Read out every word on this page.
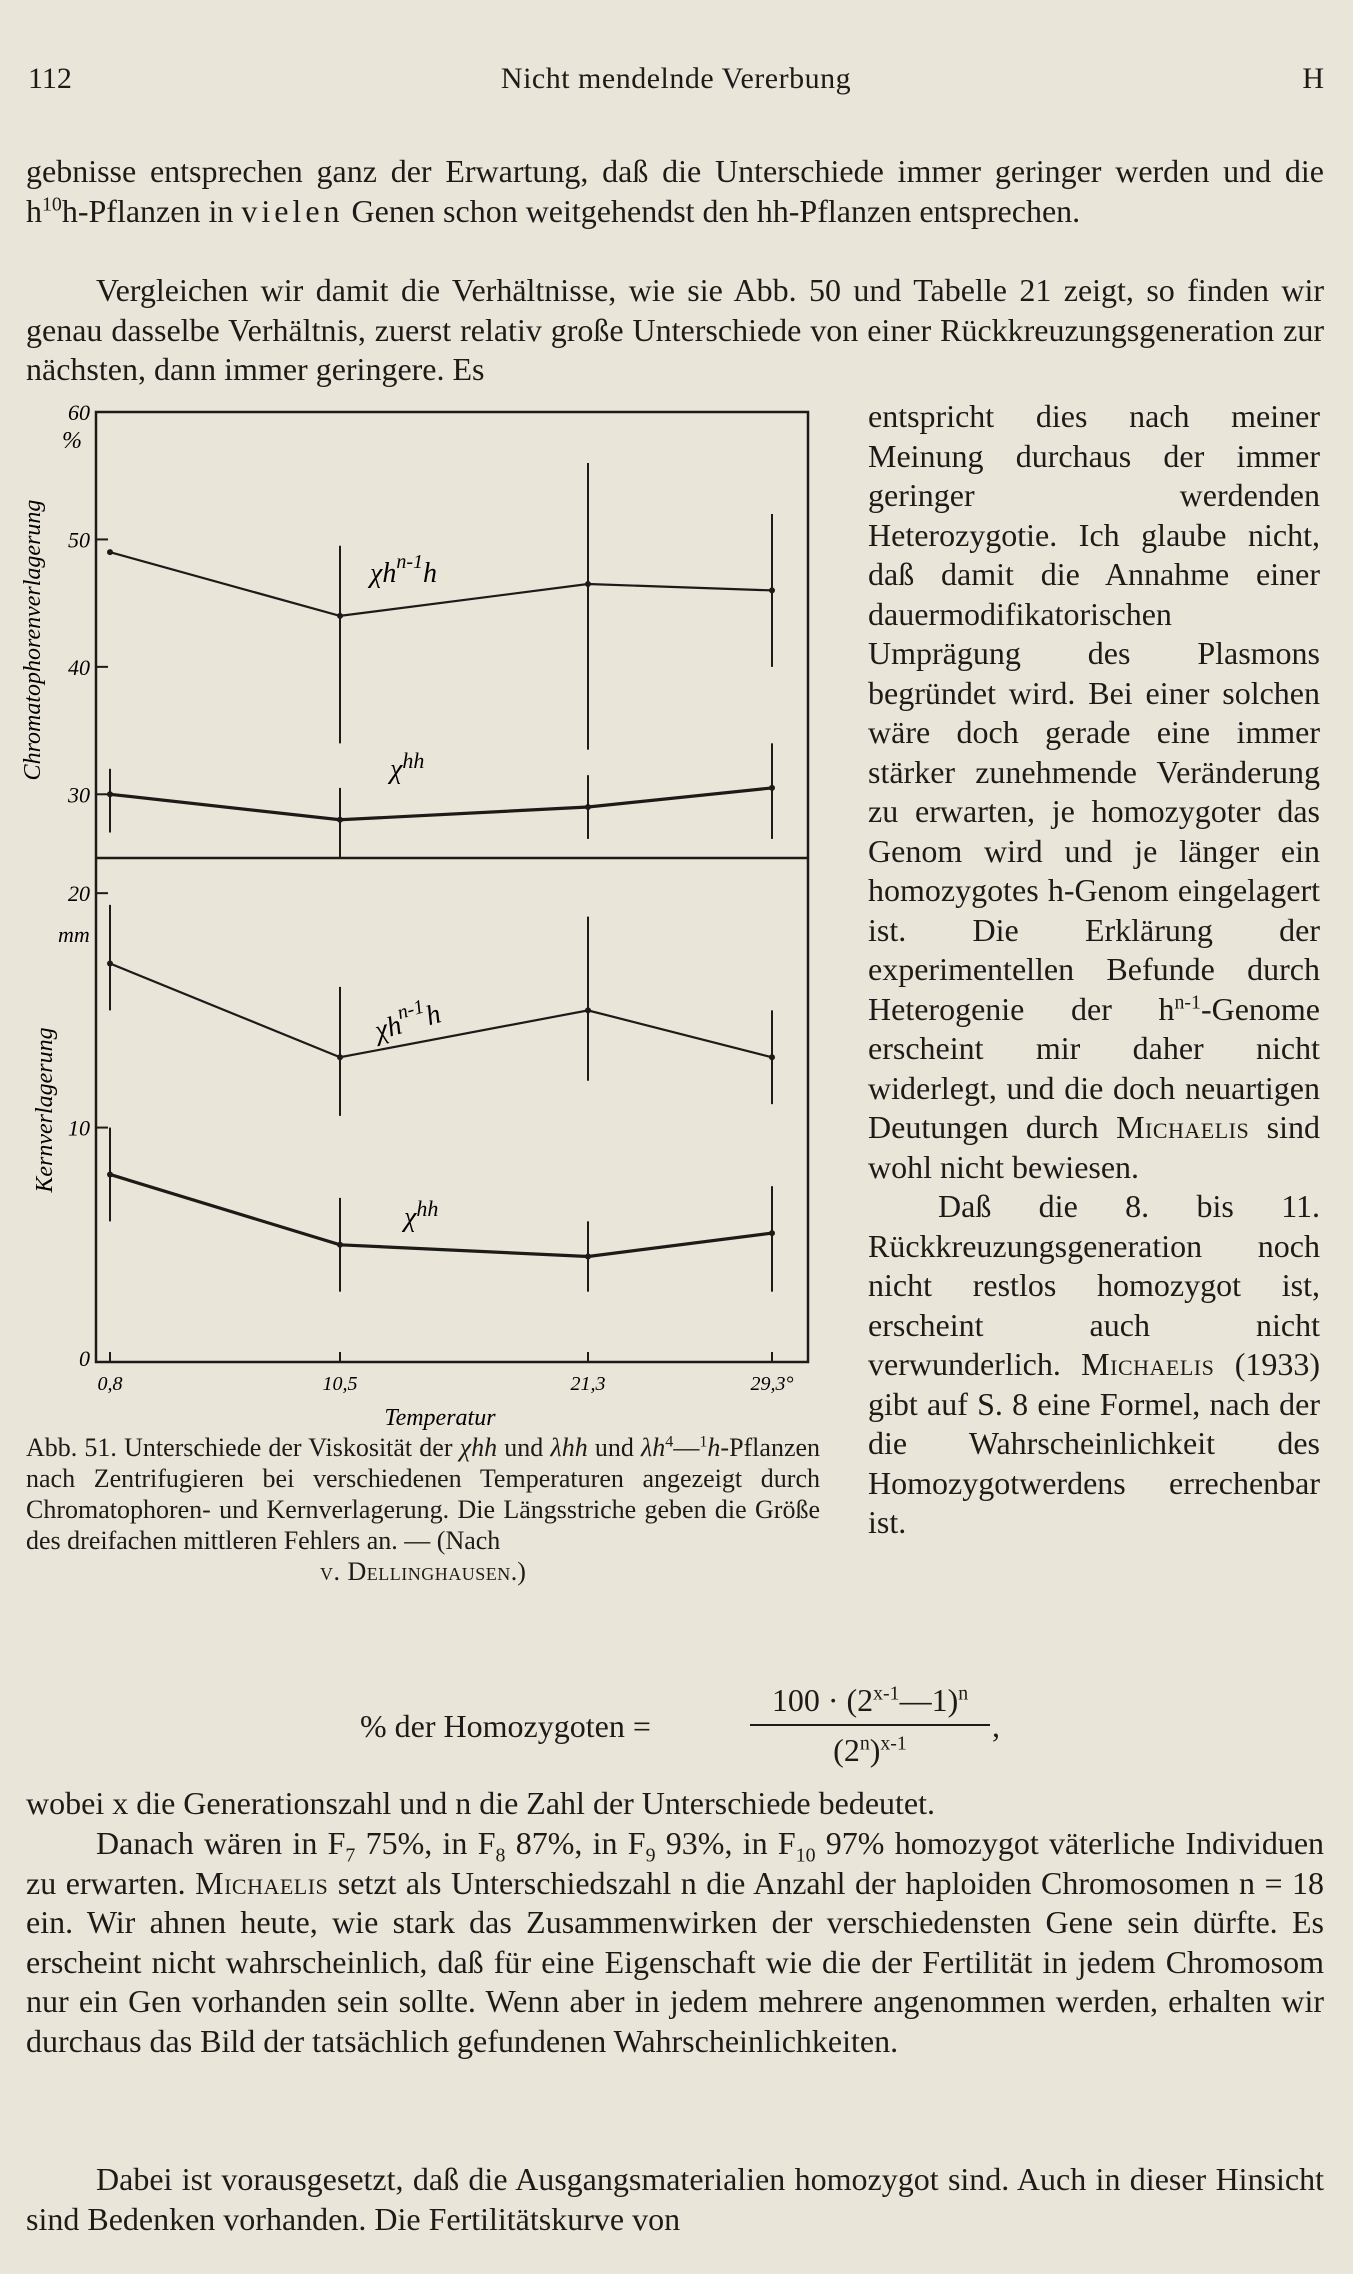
112	Nicht mendelnde Vererbung	H
gebnisse entsprechen ganz der Erwartung, daß die Unterschiede immer geringer werden und die $h^{10}h$-Pflanzen in vielen Genen schon weitgehendst den hh-Pflanzen entsprechen.
Vergleichen wir damit die Verhältnisse, wie sie Abb. 50 und Tabelle 21 zeigt, so finden wir genau dasselbe Verhältnis, zuerst relativ große Unterschiede von einer Rückkreuzungsgeneration zur nächsten, dann immer geringere. Es
entspricht dies nach meiner Meinung durchaus der immer geringer werdenden Heterozygotie. Ich glaube nicht, daß damit die Annahme einer dauermodifikatorischen Umprägung des Plasmons begründet wird. Bei einer solchen wäre doch gerade eine immer stärker zunehmende Veränderung zu erwarten, je homozygoter das Genom wird und je länger ein homozygotes h-Genom eingelagert ist. Die Erklärung der experimentellen Befunde durch Heterogenie der $h^{n-1}$-Genome erscheint mir daher nicht widerlegt, und die doch neuartigen Deutungen durch Michaelis sind wohl nicht bewiesen.
Daß die 8. bis 11. Rückkreuzungsgeneration noch nicht restlos homozygot ist, erscheint auch nicht verwunderlich. Michaelis (1933) gibt auf S. 8 eine Formel, nach der die Wahrscheinlichkeit des Homozygotwerdens errechenbar ist.
Chromatophorenverlagerung
Kernverlagerung
%
mm
30
40
50
60
0
10
20
0,8	10,5	21,3	29,3°
Temperatur
$\chi h^{n-1}h$
$\chi^{hh}$
$\chi h^{n-1}h$
$\chi^{hh}$
Abb. 51. Unterschiede der Viskosität der χhh und λhh und $\lambda h^4—^1h$-Pflanzen nach Zentrifugieren bei verschiedenen Temperaturen angezeigt durch Chromatophoren- und Kernverlagerung. Die Längsstriche geben die Größe des dreifachen mittleren Fehlers an. — (Nach
v. Dellinghausen.)
% der Homozygoten =
$100 \cdot (2^{x-1}—1)^n$
$(2^n)^{x-1}$	,
wobei x die Generationszahl und n die Zahl der Unterschiede bedeutet.
Danach wären in $F_7$ 75%, in $F_8$ 87%, in $F_9$ 93%, in $F_{10}$ 97% homozygot väterliche Individuen zu erwarten. Michaelis setzt als Unterschiedszahl n die Anzahl der haploiden Chromosomen n = 18 ein. Wir ahnen heute, wie stark das Zusammenwirken der verschiedensten Gene sein dürfte. Es erscheint nicht wahrscheinlich, daß für eine Eigenschaft wie die der Fertilität in jedem Chromosom nur ein Gen vorhanden sein sollte. Wenn aber in jedem mehrere angenommen werden, erhalten wir durchaus das Bild der tatsächlich gefundenen Wahrscheinlichkeiten.
Dabei ist vorausgesetzt, daß die Ausgangsmaterialien homozygot sind. Auch in dieser Hinsicht sind Bedenken vorhanden. Die Fertilitätskurve von
